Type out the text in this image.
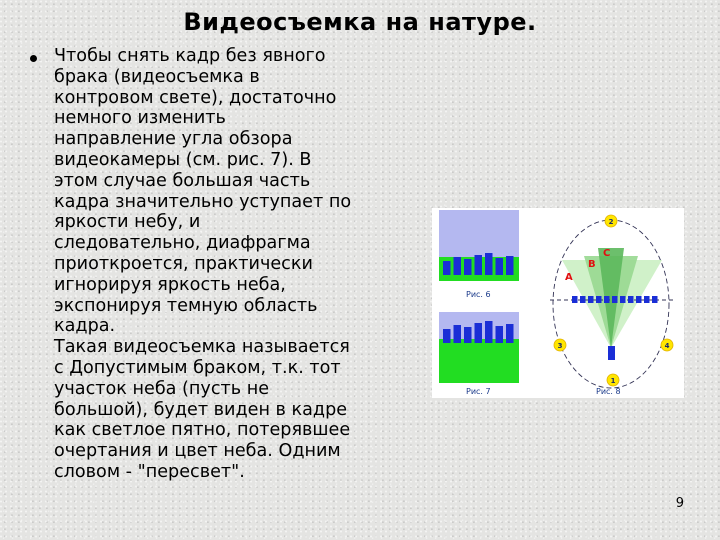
Видеосъемка на натуре.
Чтобы снять кадр без явного
брака (видеосъемка в
контровом свете), достаточно
немного изменить
направление угла обзора
видеокамеры (см. рис. 7). В
этом случае большая часть
кадра значительно уступает по
яркости небу, и
следовательно, диафрагма
приоткроется, практически
игнорируя яркость неба,
экспонируя темную область
кадра.
Такая видеосъемка называется
с Допустимым браком, т.к. тот
участок неба (пусть не
большой), будет виден в кадре
как светлое пятно, потерявшее
очертания и цвет неба. Одним
словом - "пересвет".
Рис. 6
Рис. 7
2
3	4
1
A
B
C
Рис. 8
9
